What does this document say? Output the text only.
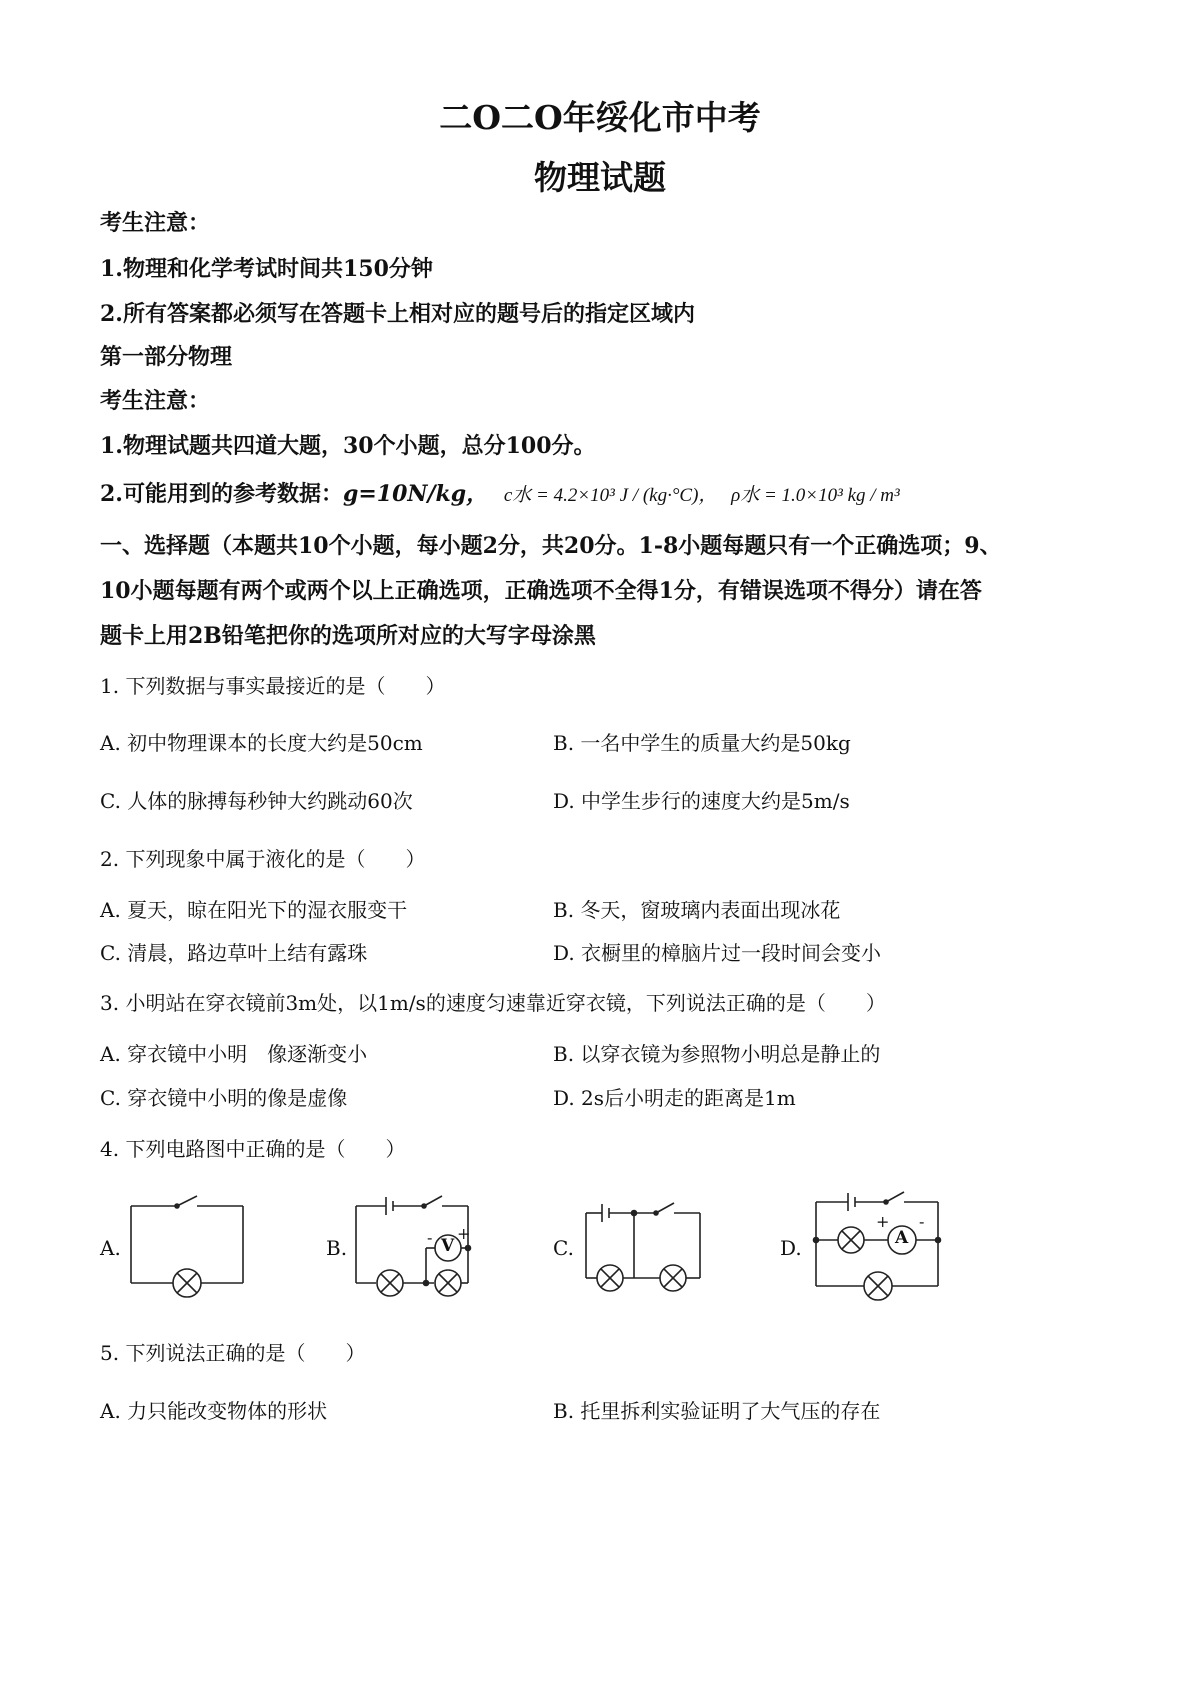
二O二O年绥化市中考
物理试题
考生注意：
1.物理和化学考试时间共150分钟
2.所有答案都必须写在答题卡上相对应的题号后的指定区域内
第一部分物理
考生注意：
1.物理试题共四道大题，30个小题，总分100分。
2.可能用到的参考数据：g=10N/kg， c水 = 4.2×10³ J / (kg·°C)， ρ水 = 1.0×10³ kg / m³
一、选择题（本题共10个小题，每小题2分，共20分。1-8小题每题只有一个正确选项；9、
10小题每题有两个或两个以上正确选项，正确选项不全得1分，有错误选项不得分）请在答
题卡上用2B铅笔把你的选项所对应的大写字母涂黑
1. 下列数据与事实最接近的是（　　）
A. 初中物理课本的长度大约是50cm	B. 一名中学生的质量大约是50kg
C. 人体的脉搏每秒钟大约跳动60次	D. 中学生步行的速度大约是5m/s
2. 下列现象中属于液化的是（　　）
A. 夏天，晾在阳光下的湿衣服变干	B. 冬天，窗玻璃内表面出现冰花
C. 清晨，路边草叶上结有露珠	D. 衣橱里的樟脑片过一段时间会变小
3. 小明站在穿衣镜前3m处，以1m/s的速度匀速靠近穿衣镜，下列说法正确的是（　　）
A. 穿衣镜中小明　像逐渐变小	B. 以穿衣镜为参照物小明总是静止的
C. 穿衣镜中小明的像是虚像	D. 2s后小明走的距离是1m
4. 下列电路图中正确的是（　　）
A.	B.	V
- +
C.	D.	A
+ -
5. 下列说法正确的是（　　）
A. 力只能改变物体的形状	B. 托里拆利实验证明了大气压的存在
